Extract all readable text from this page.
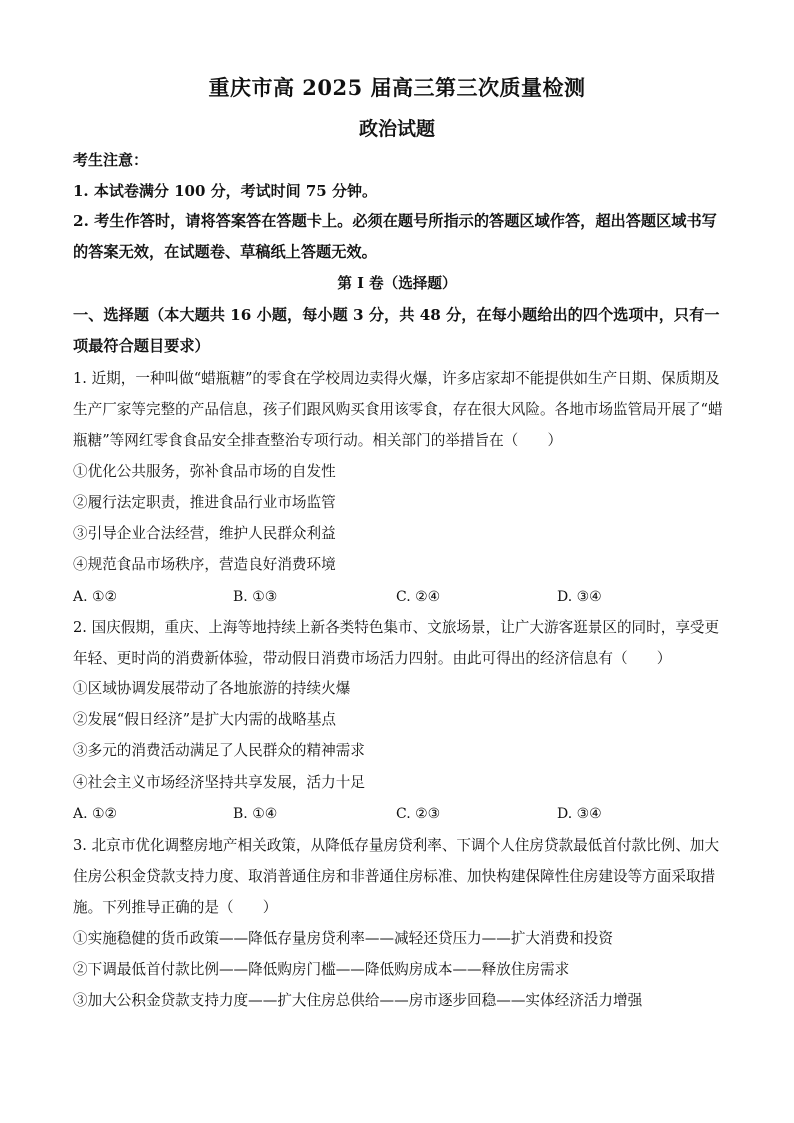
重庆市高 2025 届高三第三次质量检测
政治试题
考生注意：
1. 本试卷满分 100 分，考试时间 75 分钟。
2. 考生作答时，请将答案答在答题卡上。必须在题号所指示的答题区域作答，超出答题区域书写的答案无效，在试题卷、草稿纸上答题无效。
第 I 卷（选择题）
一、选择题（本大题共 16 小题，每小题 3 分，共 48 分，在每小题给出的四个选项中，只有一项最符合题目要求）
1. 近期，一种叫做“蜡瓶糖”的零食在学校周边卖得火爆，许多店家却不能提供如生产日期、保质期及生产厂家等完整的产品信息，孩子们跟风购买食用该零食，存在很大风险。各地市场监管局开展了“蜡瓶糖”等网红零食食品安全排查整治专项行动。相关部门的举措旨在（　　）
①优化公共服务，弥补食品市场的自发性
②履行法定职责，推进食品行业市场监管
③引导企业合法经营，维护人民群众利益
④规范食品市场秩序，营造良好消费环境
A. ①②	B. ①③	C. ②④	D. ③④
2. 国庆假期，重庆、上海等地持续上新各类特色集市、文旅场景，让广大游客逛景区的同时，享受更年轻、更时尚的消费新体验，带动假日消费市场活力四射。由此可得出的经济信息有（　　）
①区域协调发展带动了各地旅游的持续火爆
②发展“假日经济”是扩大内需的战略基点
③多元的消费活动满足了人民群众的精神需求
④社会主义市场经济坚持共享发展，活力十足
A. ①②	B. ①④	C. ②③	D. ③④
3. 北京市优化调整房地产相关政策，从降低存量房贷利率、下调个人住房贷款最低首付款比例、加大住房公积金贷款支持力度、取消普通住房和非普通住房标准、加快构建保障性住房建设等方面采取措施。下列推导正确的是（　　）
①实施稳健的货币政策——降低存量房贷利率——减轻还贷压力——扩大消费和投资
②下调最低首付款比例——降低购房门槛——降低购房成本——释放住房需求
③加大公积金贷款支持力度——扩大住房总供给——房市逐步回稳——实体经济活力增强
